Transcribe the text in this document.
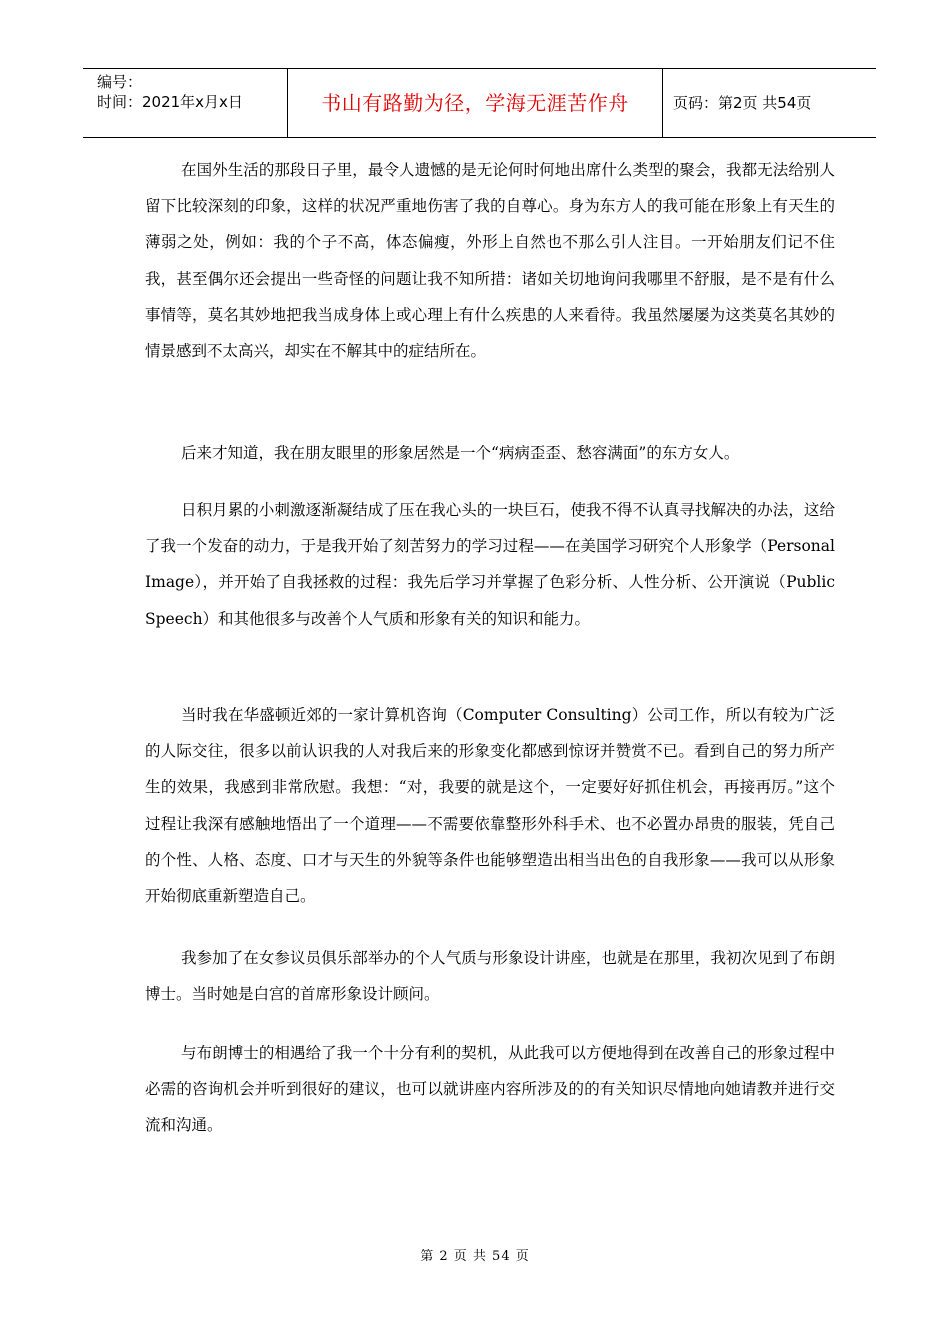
编号：
时间：2021年x月x日	书山有路勤为径，学海无涯苦作舟	页码：第2页 共54页

在国外生活的那段日子里，最令人遗憾的是无论何时何地出席什么类型的聚会，我都无法给别人留下比较深刻的印象，这样的状况严重地伤害了我的自尊心。身为东方人的我可能在形象上有天生的薄弱之处，例如：我的个子不高，体态偏瘦，外形上自然也不那么引人注目。一开始朋友们记不住我，甚至偶尔还会提出一些奇怪的问题让我不知所措：诸如关切地询问我哪里不舒服，是不是有什么事情等，莫名其妙地把我当成身体上或心理上有什么疾患的人来看待。我虽然屡屡为这类莫名其妙的情景感到不太高兴，却实在不解其中的症结所在。

后来才知道，我在朋友眼里的形象居然是一个“病病歪歪、愁容满面”的东方女人。

日积月累的小刺激逐渐凝结成了压在我心头的一块巨石，使我不得不认真寻找解决的办法，这给了我一个发奋的动力，于是我开始了刻苦努力的学习过程——在美国学习研究个人形象学（Personal Image），并开始了自我拯救的过程：我先后学习并掌握了色彩分析、人性分析、公开演说（Public Speech）和其他很多与改善个人气质和形象有关的知识和能力。

当时我在华盛顿近郊的一家计算机咨询（Computer Consulting）公司工作，所以有较为广泛的人际交往，很多以前认识我的人对我后来的形象变化都感到惊讶并赞赏不已。看到自己的努力所产生的效果，我感到非常欣慰。我想：“对，我要的就是这个，一定要好好抓住机会，再接再厉。”这个过程让我深有感触地悟出了一个道理——不需要依靠整形外科手术、也不必置办昂贵的服装，凭自己的个性、人格、态度、口才与天生的外貌等条件也能够塑造出相当出色的自我形象——我可以从形象开始彻底重新塑造自己。

我参加了在女参议员俱乐部举办的个人气质与形象设计讲座，也就是在那里，我初次见到了布朗博士。当时她是白宫的首席形象设计顾问。

与布朗博士的相遇给了我一个十分有利的契机，从此我可以方便地得到在改善自己的形象过程中必需的咨询机会并听到很好的建议，也可以就讲座内容所涉及的的有关知识尽情地向她请教并进行交流和沟通。

第 2 页 共 54 页
